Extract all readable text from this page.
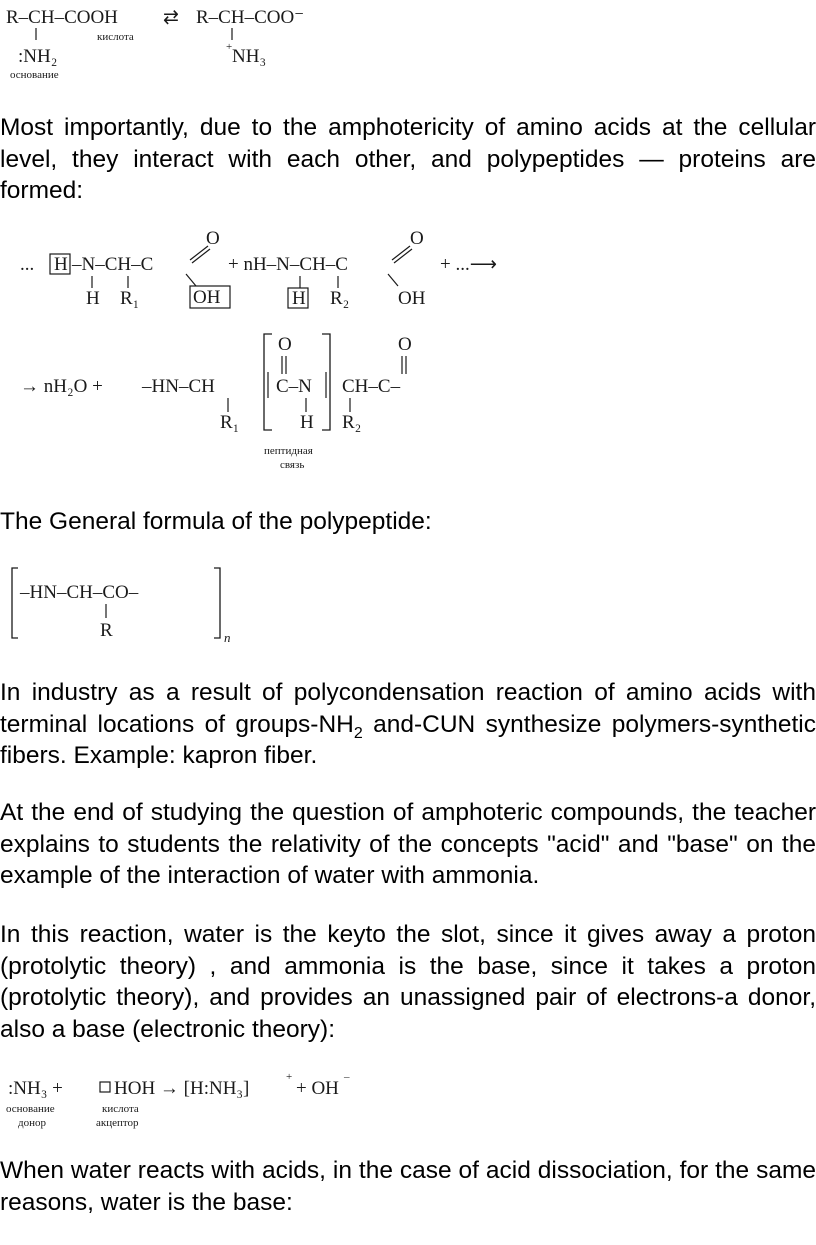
R–CH–COOH ⇄ R–CH–COO⁻
кислота
:NH₂	+ NH₃
основание

Most importantly, due to the amphotericity of amino acids at the cellular level, they interact with each other, and polypeptides — proteins are formed:

... H –N–CH–C
O
+ nH–N–CH–C
O
+ ...⟶
H R₁	OH	H R₂	OH
→ nH₂O + –HN–CH	C–N CH–C–
O	O
R₁	H R₂
пептидная
связь

The General formula of the polypeptide:

–HN–CH–CO–
R	n

In industry as a result of polycondensation reaction of amino acids with terminal locations of groups-$NH_2$ and-CUN synthesize polymers-synthetic fibers. Example: kapron fiber.

At the end of studying the question of amphoteric compounds, the teacher explains to students the relativity of the concepts "acid" and "base" on the example of the interaction of water with ammonia.

In this reaction, water is the keyto the slot, since it gives away a proton (protolytic theory) , and ammonia is the base, since it takes a proton (protolytic theory), and provides an unassigned pair of electrons-a donor, also a base (electronic theory):

:NH₃ +	HOH → [H:NH₃]
+
+ OH
–
основание
донор
кислота
акцептор

When water reacts with acids, in the case of acid dissociation, for the same reasons, water is the base:
